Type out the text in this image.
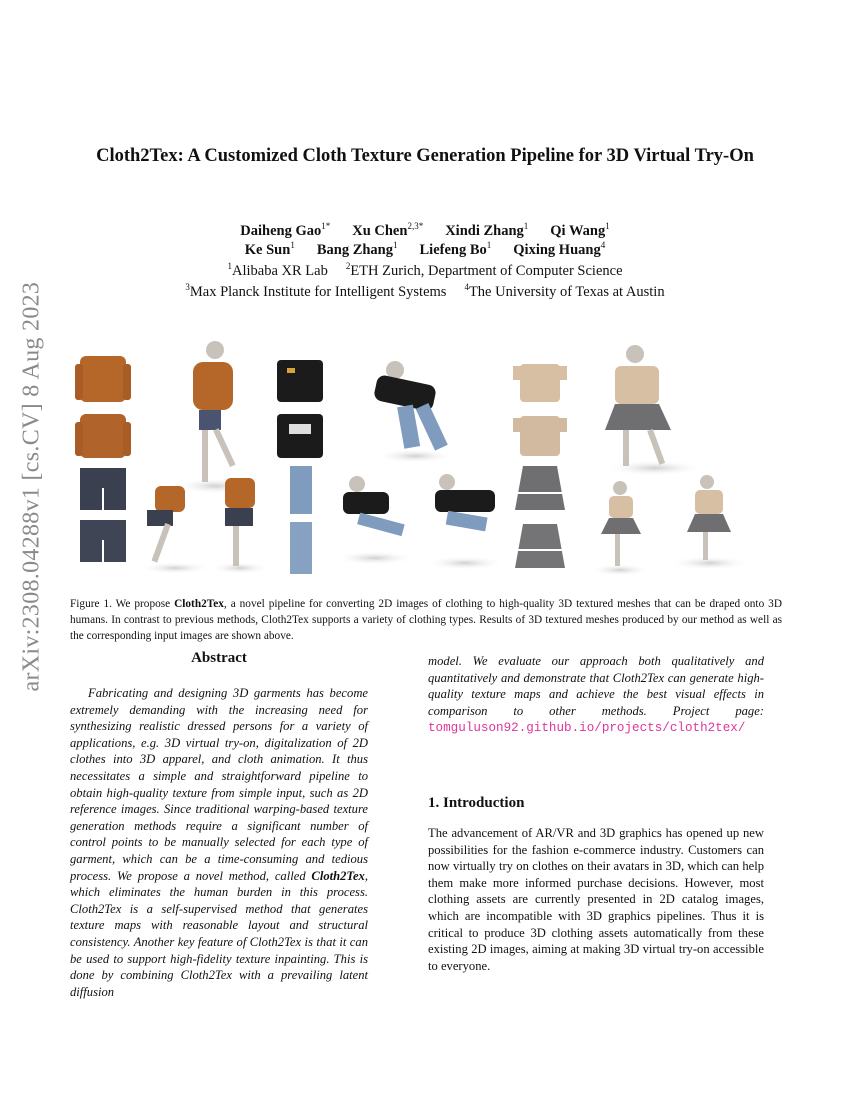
arXiv:2308.04288v1 [cs.CV] 8 Aug 2023
Cloth2Tex: A Customized Cloth Texture Generation Pipeline for 3D Virtual Try-On
Daiheng Gao$^{1*}$ Xu Chen$^{2,3*}$ Xindi Zhang$^1$ Qi Wang$^1$
Ke Sun$^1$ Bang Zhang$^1$ Liefeng Bo$^1$ Qixing Huang$^4$
$^1$Alibaba XR Lab $^2$ETH Zurich, Department of Computer Science
$^3$Max Planck Institute for Intelligent Systems $^4$The University of Texas at Austin
Figure 1. We propose Cloth2Tex, a novel pipeline for converting 2D images of clothing to high-quality 3D textured meshes that can be draped onto 3D humans. In contrast to previous methods, Cloth2Tex supports a variety of clothing types. Results of 3D textured meshes produced by our method as well as the corresponding input images are shown above.
Abstract
Fabricating and designing 3D garments has become extremely demanding with the increasing need for synthesizing realistic dressed persons for a variety of applications, e.g. 3D virtual try-on, digitalization of 2D clothes into 3D apparel, and cloth animation. It thus necessitates a simple and straightforward pipeline to obtain high-quality texture from simple input, such as 2D reference images. Since traditional warping-based texture generation methods require a significant number of control points to be manually selected for each type of garment, which can be a time-consuming and tedious process. We propose a novel method, called Cloth2Tex, which eliminates the human burden in this process. Cloth2Tex is a self-supervised method that generates texture maps with reasonable layout and structural consistency. Another key feature of Cloth2Tex is that it can be used to support high-fidelity texture inpainting. This is done by combining Cloth2Tex with a prevailing latent diffusion
model. We evaluate our approach both qualitatively and quantitatively and demonstrate that Cloth2Tex can generate high-quality texture maps and achieve the best visual effects in comparison to other methods. Project page: tomguluson92.github.io/projects/cloth2tex/
1. Introduction
The advancement of AR/VR and 3D graphics has opened up new possibilities for the fashion e-commerce industry. Customers can now virtually try on clothes on their avatars in 3D, which can help them make more informed purchase decisions. However, most clothing assets are currently presented in 2D catalog images, which are incompatible with 3D graphics pipelines. Thus it is critical to produce 3D clothing assets automatically from these existing 2D images, aiming at making 3D virtual try-on accessible to everyone.
